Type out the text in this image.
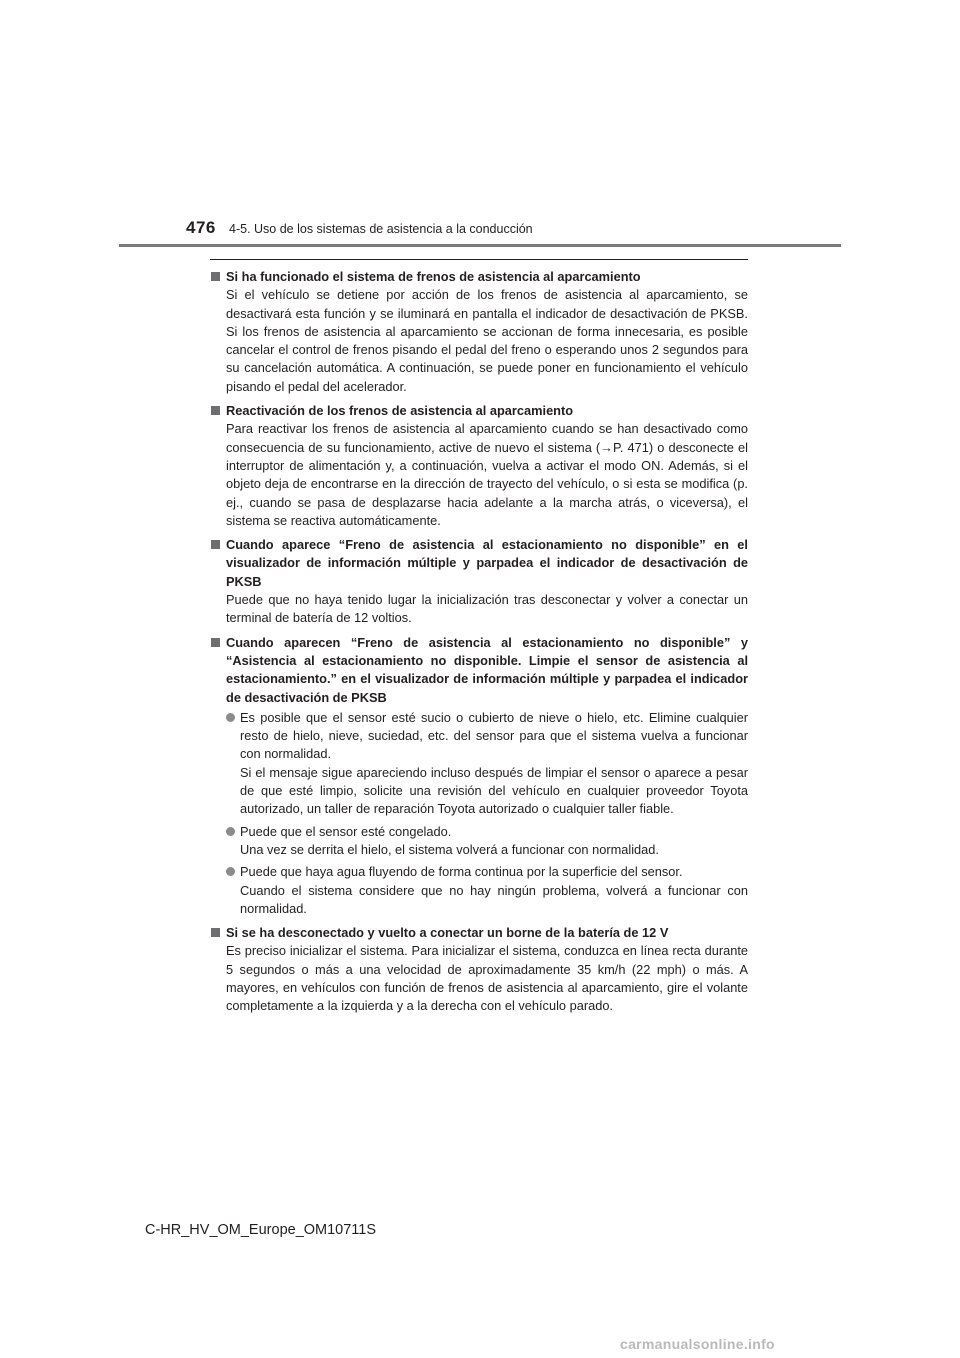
476 4-5. Uso de los sistemas de asistencia a la conducción
Si ha funcionado el sistema de frenos de asistencia al aparcamiento
Si el vehículo se detiene por acción de los frenos de asistencia al aparcamiento, se desactivará esta función y se iluminará en pantalla el indicador de desactivación de PKSB. Si los frenos de asistencia al aparcamiento se accionan de forma innecesaria, es posible cancelar el control de frenos pisando el pedal del freno o esperando unos 2 segundos para su cancelación automática. A continuación, se puede poner en funcionamiento el vehículo pisando el pedal del acelerador.
Reactivación de los frenos de asistencia al aparcamiento
Para reactivar los frenos de asistencia al aparcamiento cuando se han desactivado como consecuencia de su funcionamiento, active de nuevo el sistema (→P. 471) o desconecte el interruptor de alimentación y, a continuación, vuelva a activar el modo ON. Además, si el objeto deja de encontrarse en la dirección de trayecto del vehículo, o si esta se modifica (p. ej., cuando se pasa de desplazarse hacia adelante a la marcha atrás, o viceversa), el sistema se reactiva automáticamente.
Cuando aparece “Freno de asistencia al estacionamiento no disponible” en el visualizador de información múltiple y parpadea el indicador de desactivación de PKSB
Puede que no haya tenido lugar la inicialización tras desconectar y volver a conectar un terminal de batería de 12 voltios.
Cuando aparecen “Freno de asistencia al estacionamiento no disponible” y “Asistencia al estacionamiento no disponible. Limpie el sensor de asistencia al estacionamiento.” en el visualizador de información múltiple y parpadea el indicador de desactivación de PKSB
Es posible que el sensor esté sucio o cubierto de nieve o hielo, etc. Elimine cualquier resto de hielo, nieve, suciedad, etc. del sensor para que el sistema vuelva a funcionar con normalidad.
Si el mensaje sigue apareciendo incluso después de limpiar el sensor o aparece a pesar de que esté limpio, solicite una revisión del vehículo en cualquier proveedor Toyota autorizado, un taller de reparación Toyota autorizado o cualquier taller fiable.
Puede que el sensor esté congelado.
Una vez se derrita el hielo, el sistema volverá a funcionar con normalidad.
Puede que haya agua fluyendo de forma continua por la superficie del sensor.
Cuando el sistema considere que no hay ningún problema, volverá a funcionar con normalidad.
Si se ha desconectado y vuelto a conectar un borne de la batería de 12 V
Es preciso inicializar el sistema. Para inicializar el sistema, conduzca en línea recta durante 5 segundos o más a una velocidad de aproximadamente 35 km/h (22 mph) o más. A mayores, en vehículos con función de frenos de asistencia al aparcamiento, gire el volante completamente a la izquierda y a la derecha con el vehículo parado.
C-HR_HV_OM_Europe_OM10711S
carmanualsonline.info
